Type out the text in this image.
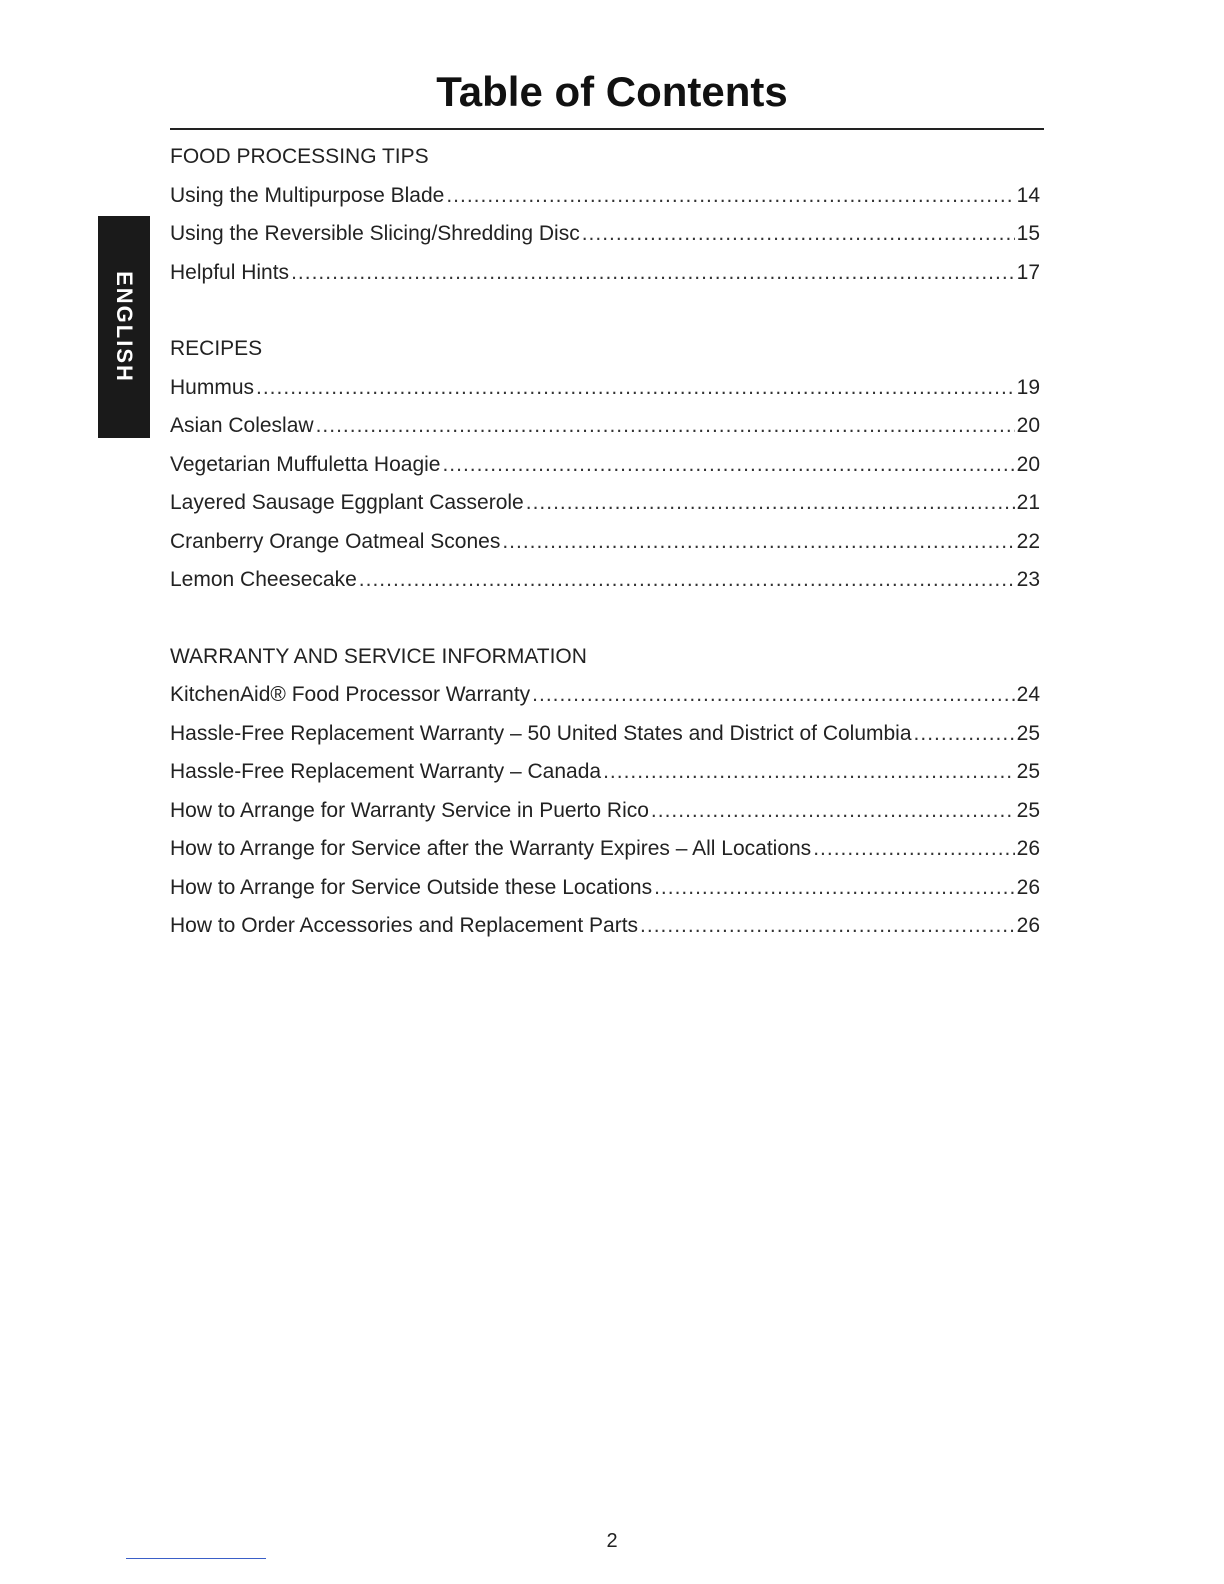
Table of Contents
ENGLISH
FOOD PROCESSING TIPS
Using the Multipurpose Blade .....	14
Using the Reversible Slicing/Shredding Disc .....	15
Helpful Hints .....	17
RECIPES
Hummus .....	19
Asian Coleslaw .....	20
Vegetarian Muffuletta Hoagie .....	20
Layered Sausage Eggplant Casserole .....	21
Cranberry Orange Oatmeal Scones .....	22
Lemon Cheesecake .....	23
WARRANTY AND SERVICE INFORMATION
KitchenAid® Food Processor Warranty .....	24
Hassle-Free Replacement Warranty – 50 United States and District of Columbia .....	25
Hassle-Free Replacement Warranty – Canada .....	25
How to Arrange for Warranty Service in Puerto Rico .....	25
How to Arrange for Service after the Warranty Expires – All Locations .....	26
How to Arrange for Service Outside these Locations .....	26
How to Order Accessories and Replacement Parts .....	26
2
